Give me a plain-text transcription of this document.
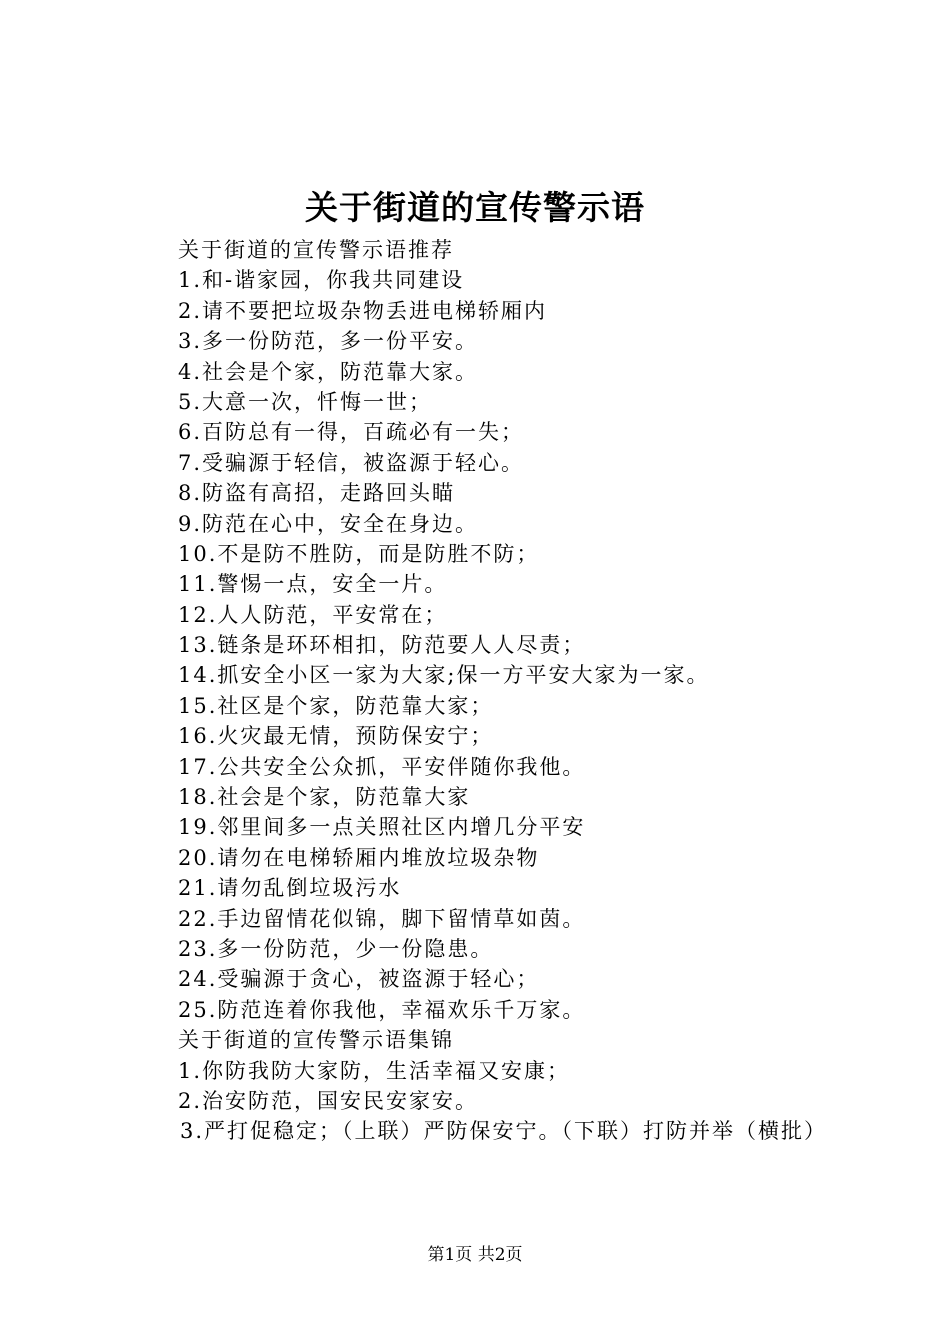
关于街道的宣传警示语
关于街道的宣传警示语推荐
1.和-谐家园，你我共同建设
2.请不要把垃圾杂物丢进电梯轿厢内
3.多一份防范，多一份平安。
4.社会是个家，防范靠大家。
5.大意一次，忏悔一世；
6.百防总有一得，百疏必有一失；
7.受骗源于轻信，被盗源于轻心。
8.防盗有高招，走路回头瞄
9.防范在心中，安全在身边。
10.不是防不胜防，而是防胜不防；
11.警惕一点，安全一片。
12.人人防范，平安常在；
13.链条是环环相扣，防范要人人尽责；
14.抓安全小区一家为大家;保一方平安大家为一家。
15.社区是个家，防范靠大家；
16.火灾最无情，预防保安宁；
17.公共安全公众抓，平安伴随你我他。
18.社会是个家，防范靠大家
19.邻里间多一点关照社区内增几分平安
20.请勿在电梯轿厢内堆放垃圾杂物
21.请勿乱倒垃圾污水
22.手边留情花似锦，脚下留情草如茵。
23.多一份防范，少一份隐患。
24.受骗源于贪心，被盗源于轻心；
25.防范连着你我他，幸福欢乐千万家。
关于街道的宣传警示语集锦
1.你防我防大家防，生活幸福又安康；
2.治安防范，国安民安家安。
3.严打促稳定；（上联）严防保安宁。（下联）打防并举（横批）
第1页 共2页
